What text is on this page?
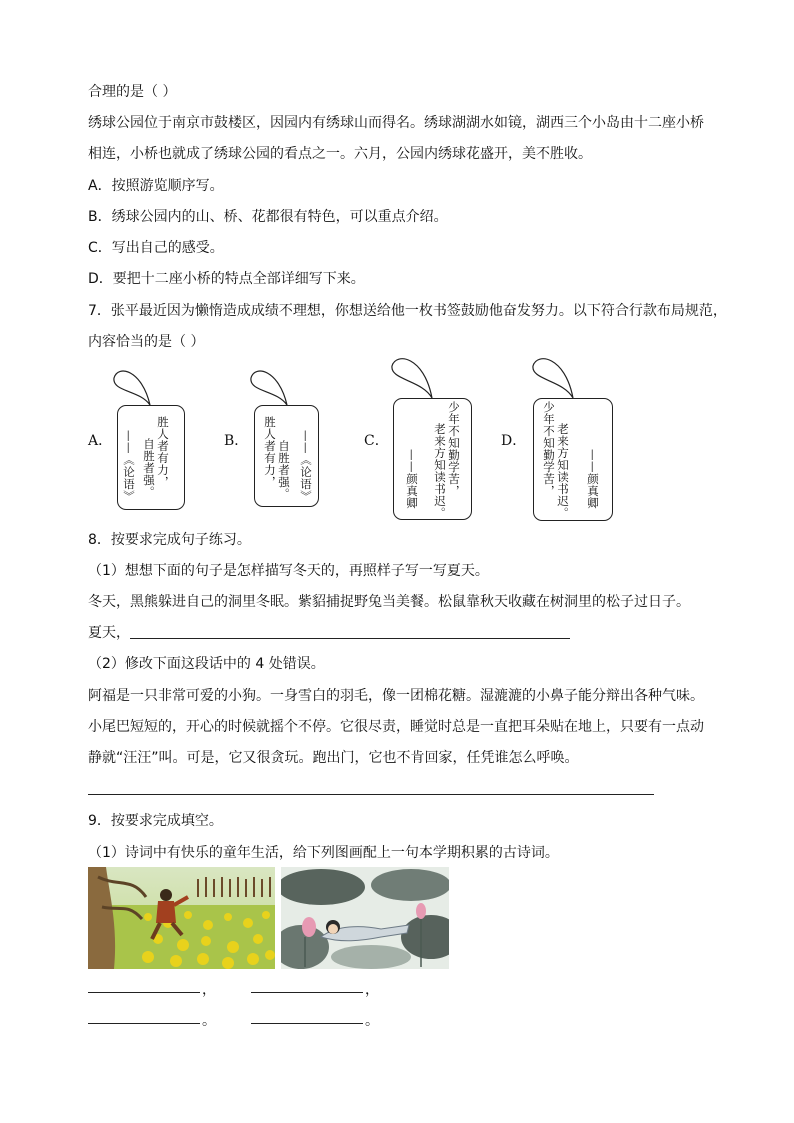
合理的是（ ）
绣球公园位于南京市鼓楼区，因园内有绣球山而得名。绣球湖湖水如镜，湖西三个小岛由十二座小桥
相连，小桥也就成了绣球公园的看点之一。六月，公园内绣球花盛开，美不胜收。
A．按照游览顺序写。
B．绣球公园内的山、桥、花都很有特色，可以重点介绍。
C．写出自己的感受。
D．要把十二座小桥的特点全部详细写下来。
7．张平最近因为懒惰造成成绩不理想，你想送给他一枚书签鼓励他奋发努力。以下符合行款布局规范，
内容恰当的是（ ）
A．	胜人者有力，
自胜者强。
——《论语》	B． 胜人者有力， 自胜者强。 ——《论语》	C．	少年不知勤学苦，
老来方知读书迟。
——颜真卿
D． 少年不知勤学苦， 老来方知读书迟。 ——颜真卿
8．按要求完成句子练习。
（1）想想下面的句子是怎样描写冬天的，再照样子写一写夏天。
冬天，黑熊躲进自己的洞里冬眠。紫貂捕捉野兔当美餐。松鼠靠秋天收藏在树洞里的松子过日子。
夏天，
（2）修改下面这段话中的 4 处错误。
阿福是一只非常可爱的小狗。一身雪白的羽毛，像一团棉花糖。湿漉漉的小鼻子能分辩出各种气味。
小尾巴短短的，开心的时候就摇个不停。它很尽责，睡觉时总是一直把耳朵贴在地上，只要有一点动
静就“汪汪”叫。可是，它又很贪玩。跑出门，它也不肯回家，任凭谁怎么呼唤。
9．按要求完成填空。
（1）诗词中有快乐的童年生活，给下列图画配上一句本学期积累的古诗词。
，	，
。	。
